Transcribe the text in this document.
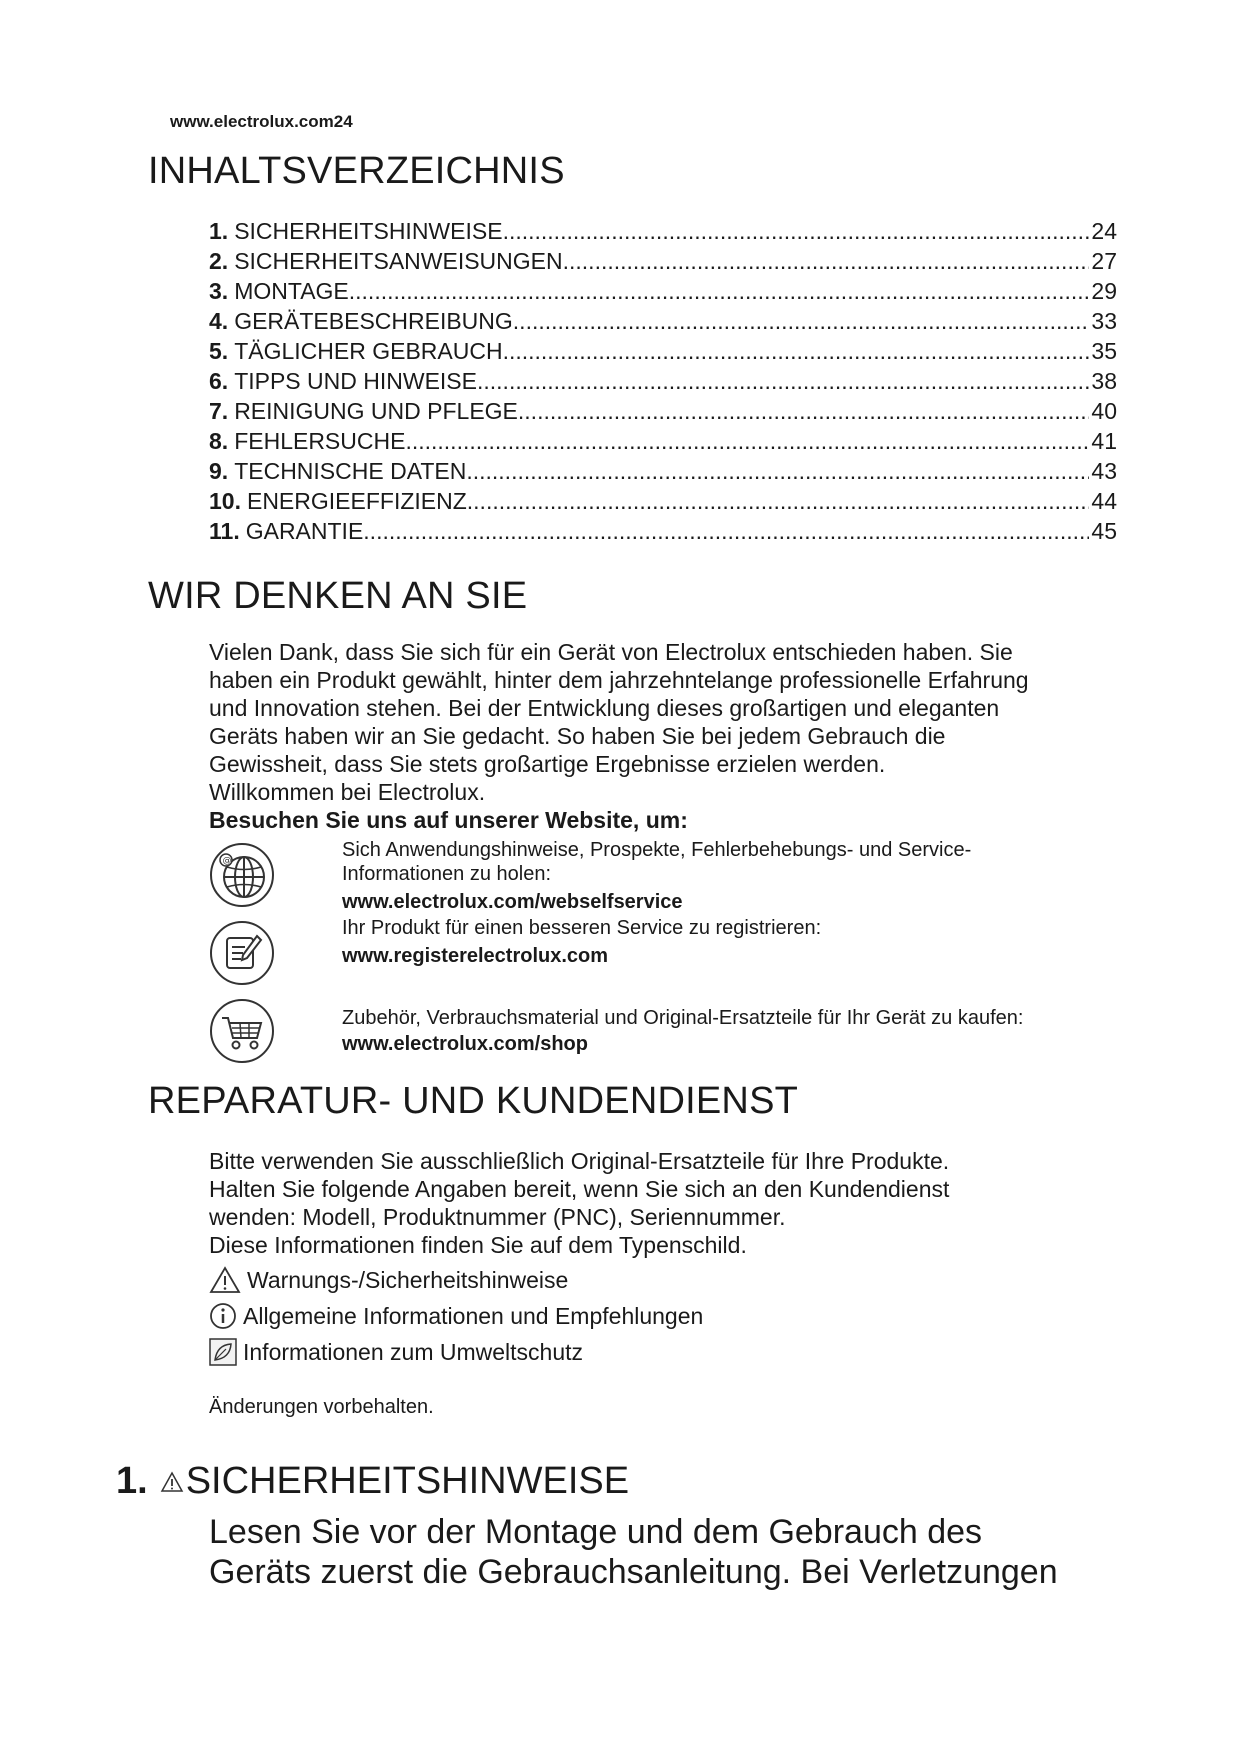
www.electrolux.com24
INHALTSVERZEICHNIS
1. SICHERHEITSHINWEISE .....	24
2. SICHERHEITSANWEISUNGEN .....	27
3. MONTAGE .....	29
4. GERÄTEBESCHREIBUNG .....	33
5. TÄGLICHER GEBRAUCH .....	35
6. TIPPS UND HINWEISE .....	38
7. REINIGUNG UND PFLEGE .....	40
8. FEHLERSUCHE .....	41
9. TECHNISCHE DATEN .....	43
10. ENERGIEEFFIZIENZ .....	44
11. GARANTIE .....	45
WIR DENKEN AN SIE

Vielen Dank, dass Sie sich für ein Gerät von Electrolux entschieden haben. Sie

haben ein Produkt gewählt, hinter dem jahrzehntelange professionelle Erfahrung

und Innovation stehen. Bei der Entwicklung dieses großartigen und eleganten

Geräts haben wir an Sie gedacht. So haben Sie bei jedem Gebrauch die

Gewissheit, dass Sie stets großartige Ergebnisse erzielen werden.

Willkommen bei Electrolux.

Besuchen Sie uns auf unserer Website, um:

@	Sich Anwendungshinweise, Prospekte, Fehlerbehebungs- und Service-
Informationen zu holen:
www.electrolux.com/webselfservice
Ihr Produkt für einen besseren Service zu registrieren:
www.registerelectrolux.com
Zubehör, Verbrauchsmaterial und Original-Ersatzteile für Ihr Gerät zu kaufen:
www.electrolux.com/shop
REPARATUR- UND KUNDENDIENST

Bitte verwenden Sie ausschließlich Original-Ersatzteile für Ihre Produkte.

Halten Sie folgende Angaben bereit, wenn Sie sich an den Kundendienst

wenden: Modell, Produktnummer (PNC), Seriennummer.

Diese Informationen finden Sie auf dem Typenschild.

Warnungs-/Sicherheitshinweise
Allgemeine Informationen und Empfehlungen
Informationen zum Umweltschutz
Änderungen vorbehalten.
1. SICHERHEITSHINWEISE
Lesen Sie vor der Montage und dem Gebrauch des
Geräts zuerst die Gebrauchsanleitung. Bei Verletzungen
